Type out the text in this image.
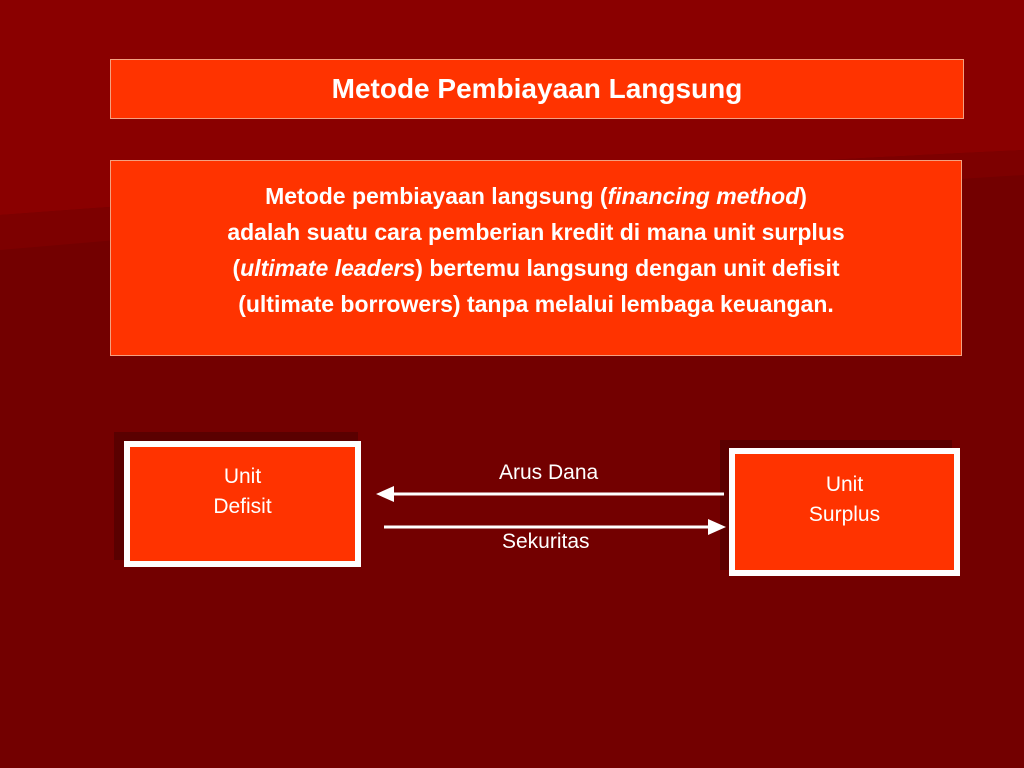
Metode Pembiayaan Langsung
Metode pembiayaan langsung (financing method)
adalah suatu cara pemberian kredit di mana unit surplus
(ultimate leaders) bertemu langsung dengan unit defisit
(ultimate borrowers) tanpa melalui lembaga keuangan.
Unit
Defisit
Unit
Surplus
Arus Dana
Sekuritas
